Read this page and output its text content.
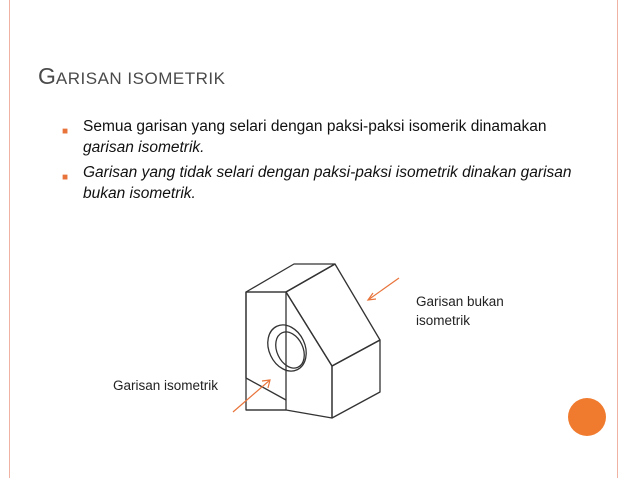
GARISAN ISOMETRIK
■ Semua garisan yang selari dengan paksi-paksi isomerik dinamakan garisan isometrik.
■ Garisan yang tidak selari dengan paksi-paksi isometrik dinakan garisan bukan isometrik.
Garisan bukan isometrik
Garisan isometrik
